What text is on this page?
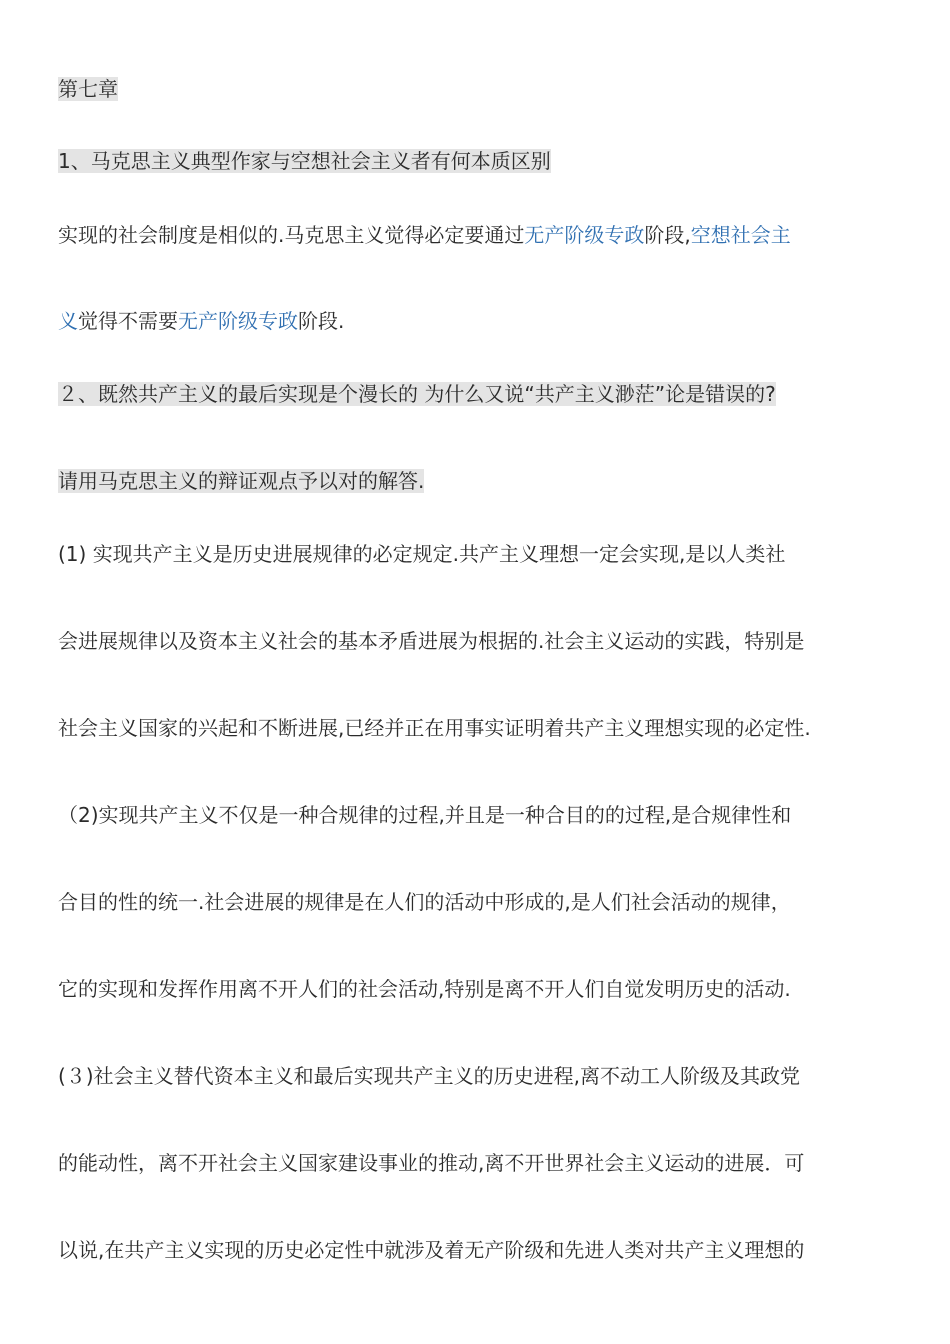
第七章
1、马克思主义典型作家与空想社会主义者有何本质区别
实现的社会制度是相似的.马克思主义觉得必定要通过无产阶级专政阶段,空想社会主
义觉得不需要无产阶级专政阶段.
２、既然共产主义的最后实现是个漫长的 为什么又说“共产主义渺茫”论是错误的?
请用马克思主义的辩证观点予以对的解答.
(1) 实现共产主义是历史进展规律的必定规定.共产主义理想一定会实现,是以人类社
会进展规律以及资本主义社会的基本矛盾进展为根据的.社会主义运动的实践，特别是
社会主义国家的兴起和不断进展,已经并正在用事实证明着共产主义理想实现的必定性.
（2)实现共产主义不仅是一种合规律的过程,并且是一种合目的的过程,是合规律性和
合目的性的统一.社会进展的规律是在人们的活动中形成的,是人们社会活动的规律，
它的实现和发挥作用离不开人们的社会活动,特别是离不开人们自觉发明历史的活动.
(３)社会主义替代资本主义和最后实现共产主义的历史进程,离不动工人阶级及其政党
的能动性，离不开社会主义国家建设事业的推动,离不开世界社会主义运动的进展．可
以说,在共产主义实现的历史必定性中就涉及着无产阶级和先进人类对共产主义理想的
